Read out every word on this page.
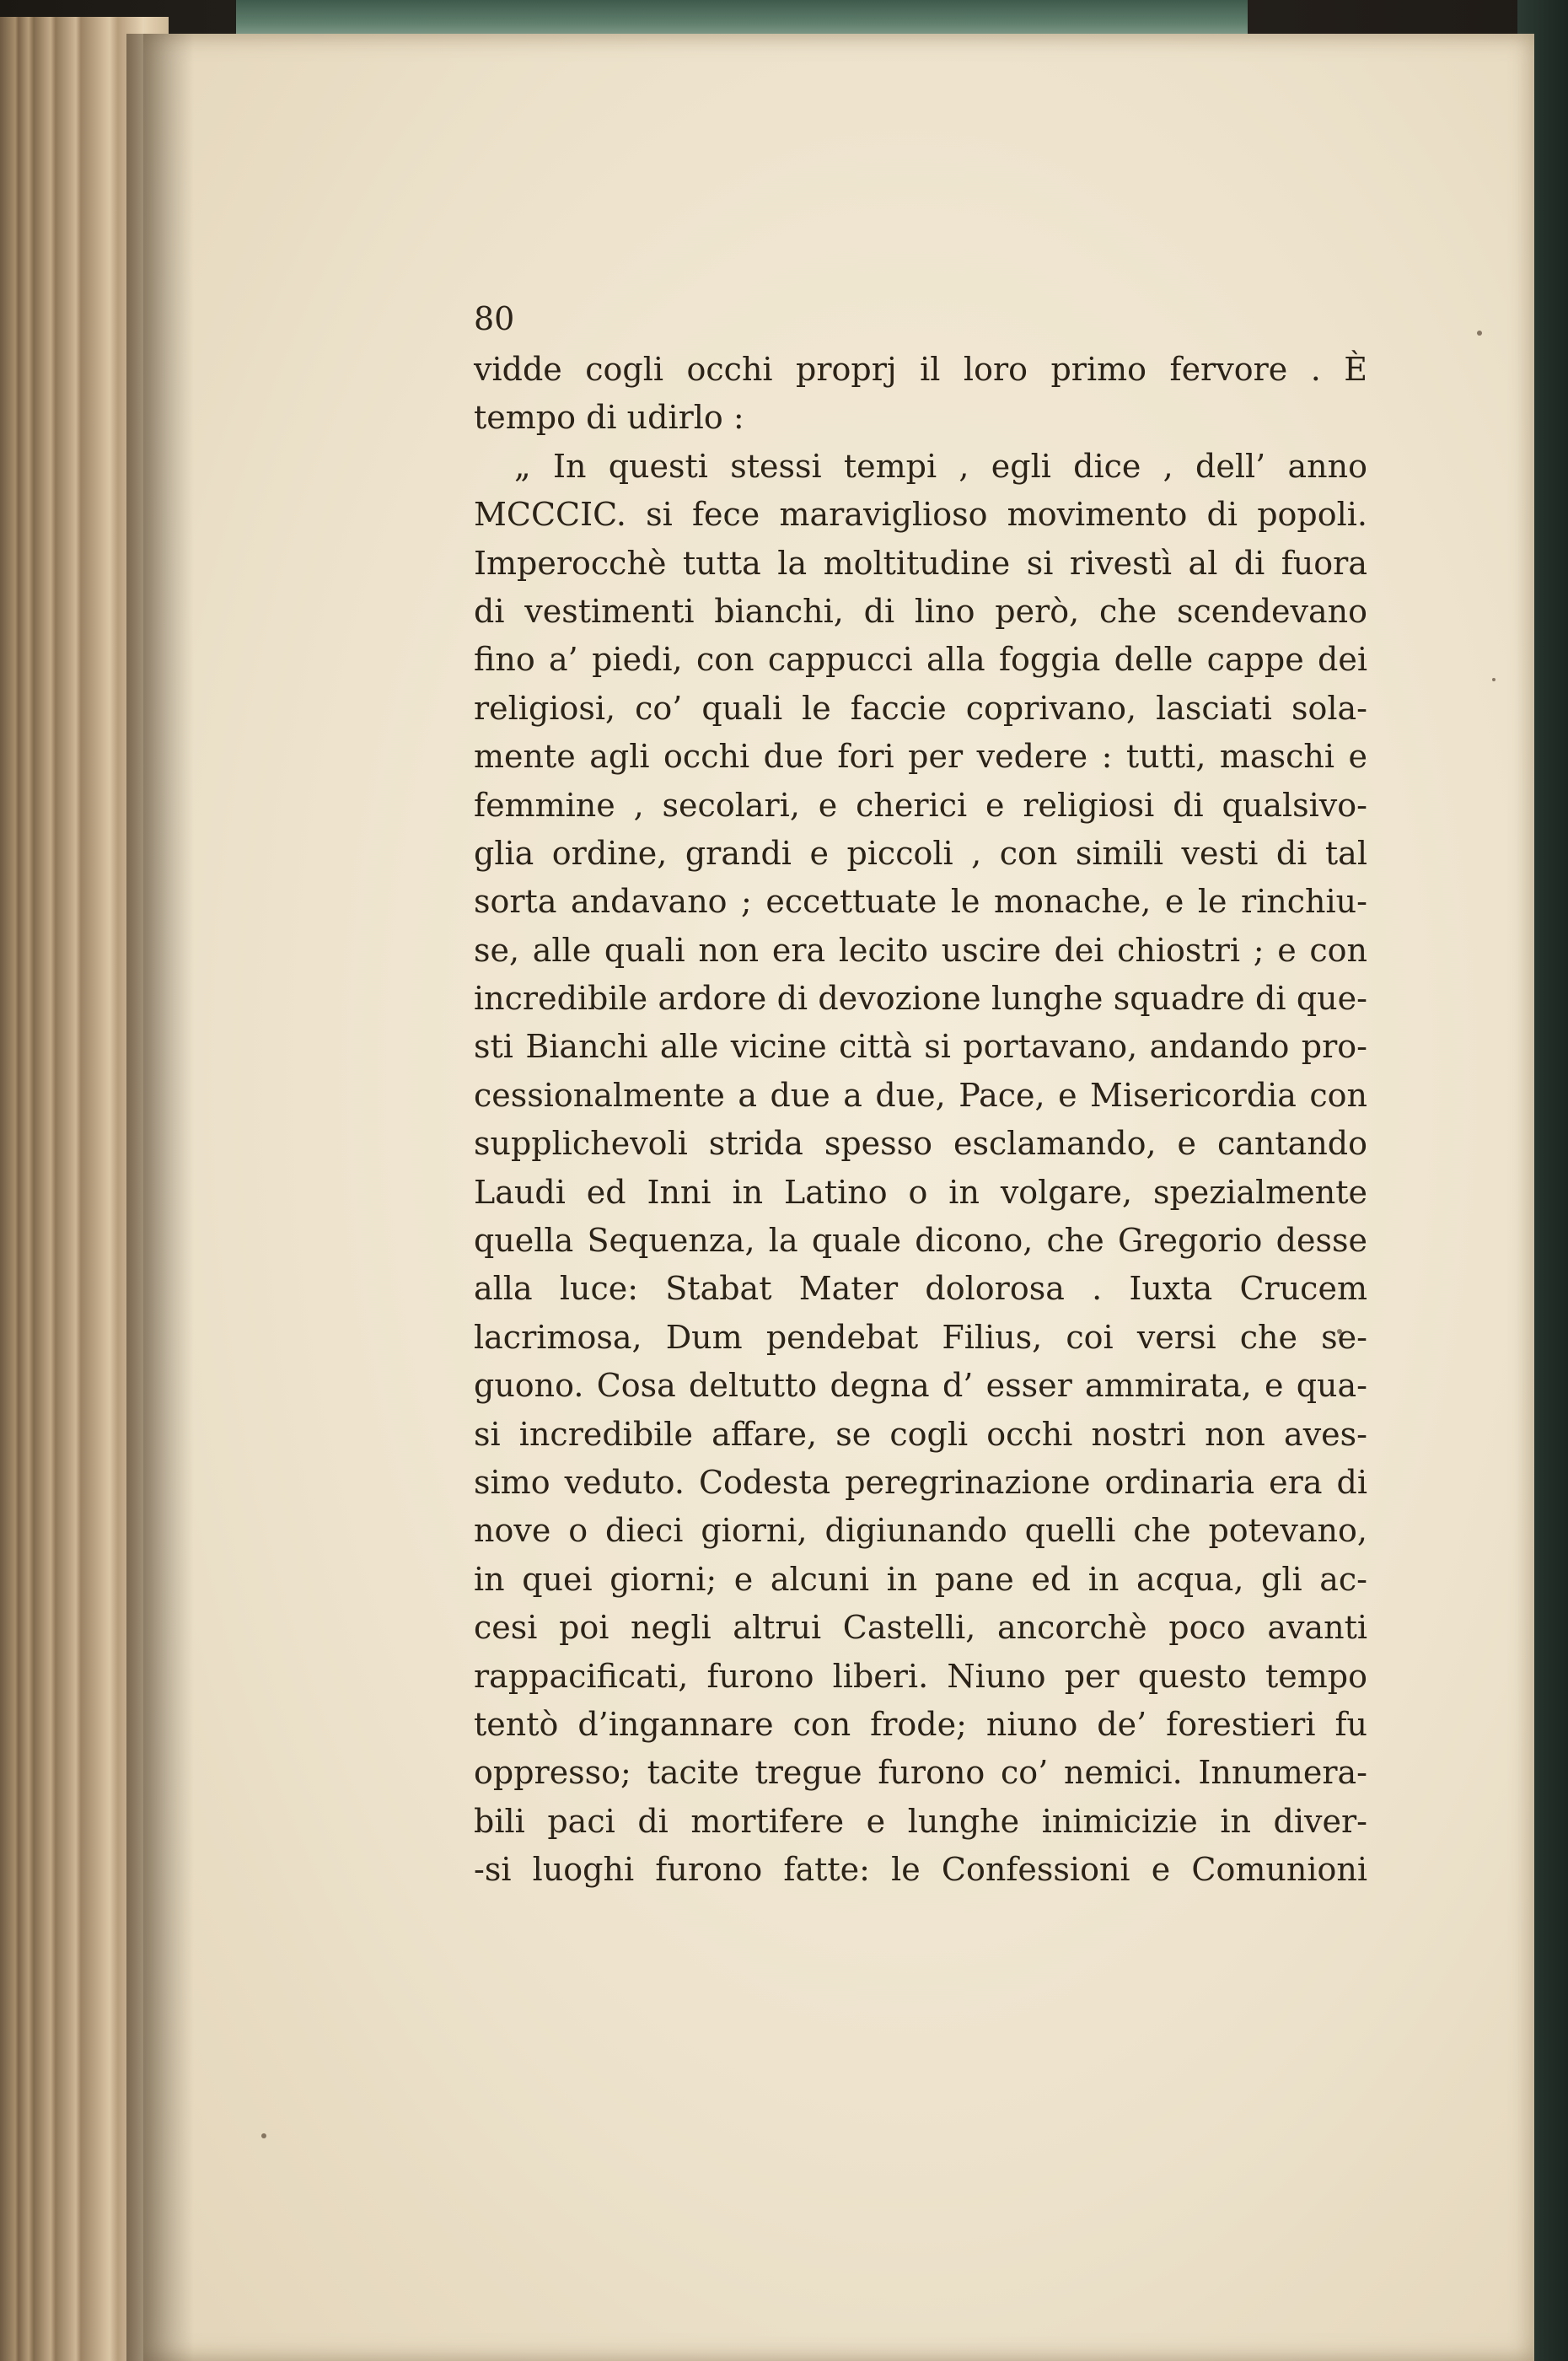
80
vidde cogli occhi proprj il loro primo fervore . È
tempo di udirlo :
„ In questi stessi tempi , egli dice , dell’ anno
MCCCIC. si fece maraviglioso movimento di popoli.
Imperocchè tutta la moltitudine si rivestì al di fuora
di vestimenti bianchi, di lino però, che scendevano
fino a’ piedi, con cappucci alla foggia delle cappe dei
religiosi, co’ quali le faccie coprivano, lasciati sola-
mente agli occhi due fori per vedere : tutti, maschi e
femmine , secolari, e cherici e religiosi di qualsivo-
glia ordine, grandi e piccoli , con simili vesti di tal
sorta andavano ; eccettuate le monache, e le rinchiu-
se, alle quali non era lecito uscire dei chiostri ; e con
incredibile ardore di devozione lunghe squadre di que-
sti Bianchi alle vicine città si portavano, andando pro-
cessionalmente a due a due, Pace, e Misericordia con
supplichevoli strida spesso esclamando, e cantando
Laudi ed Inni in Latino o in volgare, spezialmente
quella Sequenza, la quale dicono, che Gregorio desse
alla luce: Stabat Mater dolorosa . Iuxta Crucem
lacrimosa, Dum pendebat Filius, coi versi che se-
guono. Cosa deltutto degna d’ esser ammirata, e qua-
si incredibile affare, se cogli occhi nostri non aves-
simo veduto. Codesta peregrinazione ordinaria era di
nove o dieci giorni, digiunando quelli che potevano,
in quei giorni; e alcuni in pane ed in acqua, gli ac-
cesi poi negli altrui Castelli, ancorchè poco avanti
rappacificati, furono liberi. Niuno per questo tempo
tentò d’ingannare con frode; niuno de’ forestieri fu
oppresso; tacite tregue furono co’ nemici. Innumera-
bili paci di mortifere e lunghe inimicizie in diver-
-si luoghi furono fatte: le Confessioni e Comunioni
